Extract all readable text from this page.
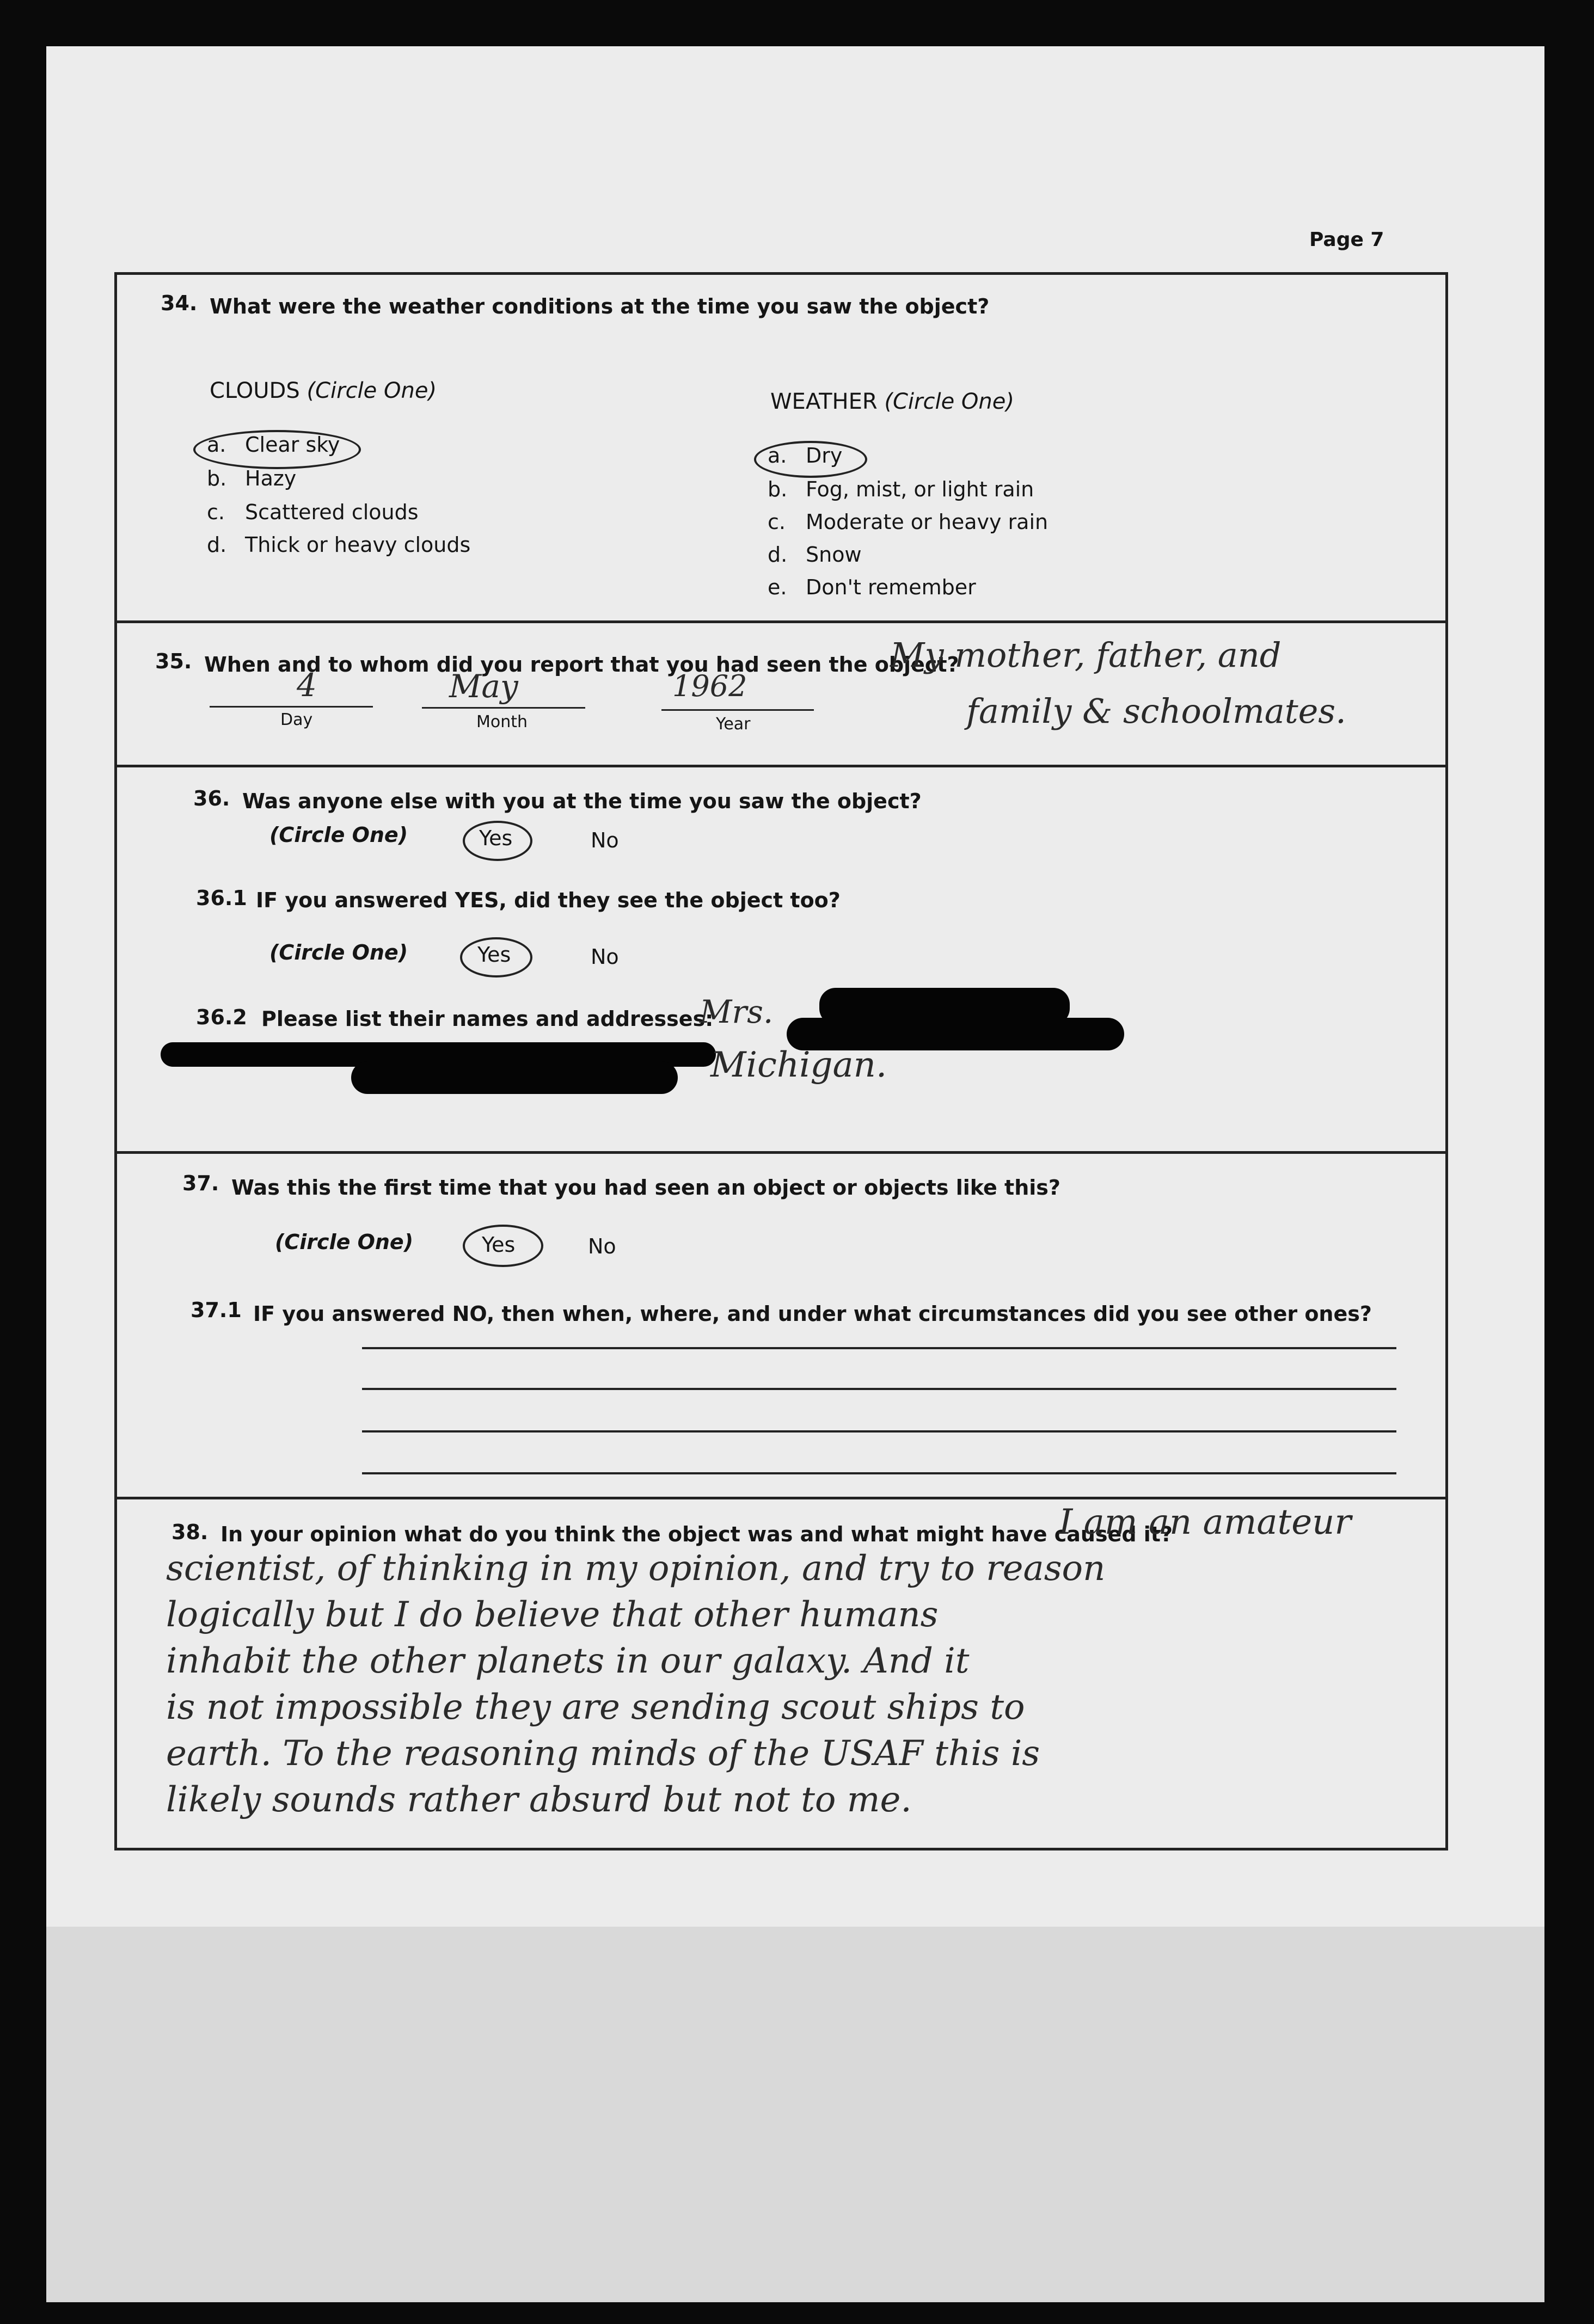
Page 7
34. What were the weather conditions at the time you saw the object?
CLOUDS (Circle One)	WEATHER (Circle One)
a. Clear sky
b. Hazy
c. Scattered clouds
d. Thick or heavy clouds
a. Dry
b. Fog, mist, or light rain
c. Moderate or heavy rain
d. Snow
e. Don't remember
35. When and to whom did you report that you had seen the object?
4
Day
May
Month
1962
Year
My mother, father, and
family & schoolmates.
36. Was anyone else with you at the time you saw the object?
(Circle One)	Yes	No
36.1 IF you answered YES, did they see the object too?
(Circle One)	Yes	No
36.2 Please list their names and addresses:
Mrs.
Michigan.
37. Was this the first time that you had seen an object or objects like this?
(Circle One)	Yes	No
37.1 IF you answered NO, then when, where, and under what circumstances did you see other ones?
38. In your opinion what do you think the object was and what might have caused it?
I am an amateur
scientist, of thinking in my opinion, and try to reason
logically but I do believe that other humans
inhabit the other planets in our galaxy. And it
is not impossible they are sending scout ships to
earth. To the reasoning minds of the USAF this is
likely sounds rather absurd but not to me.
